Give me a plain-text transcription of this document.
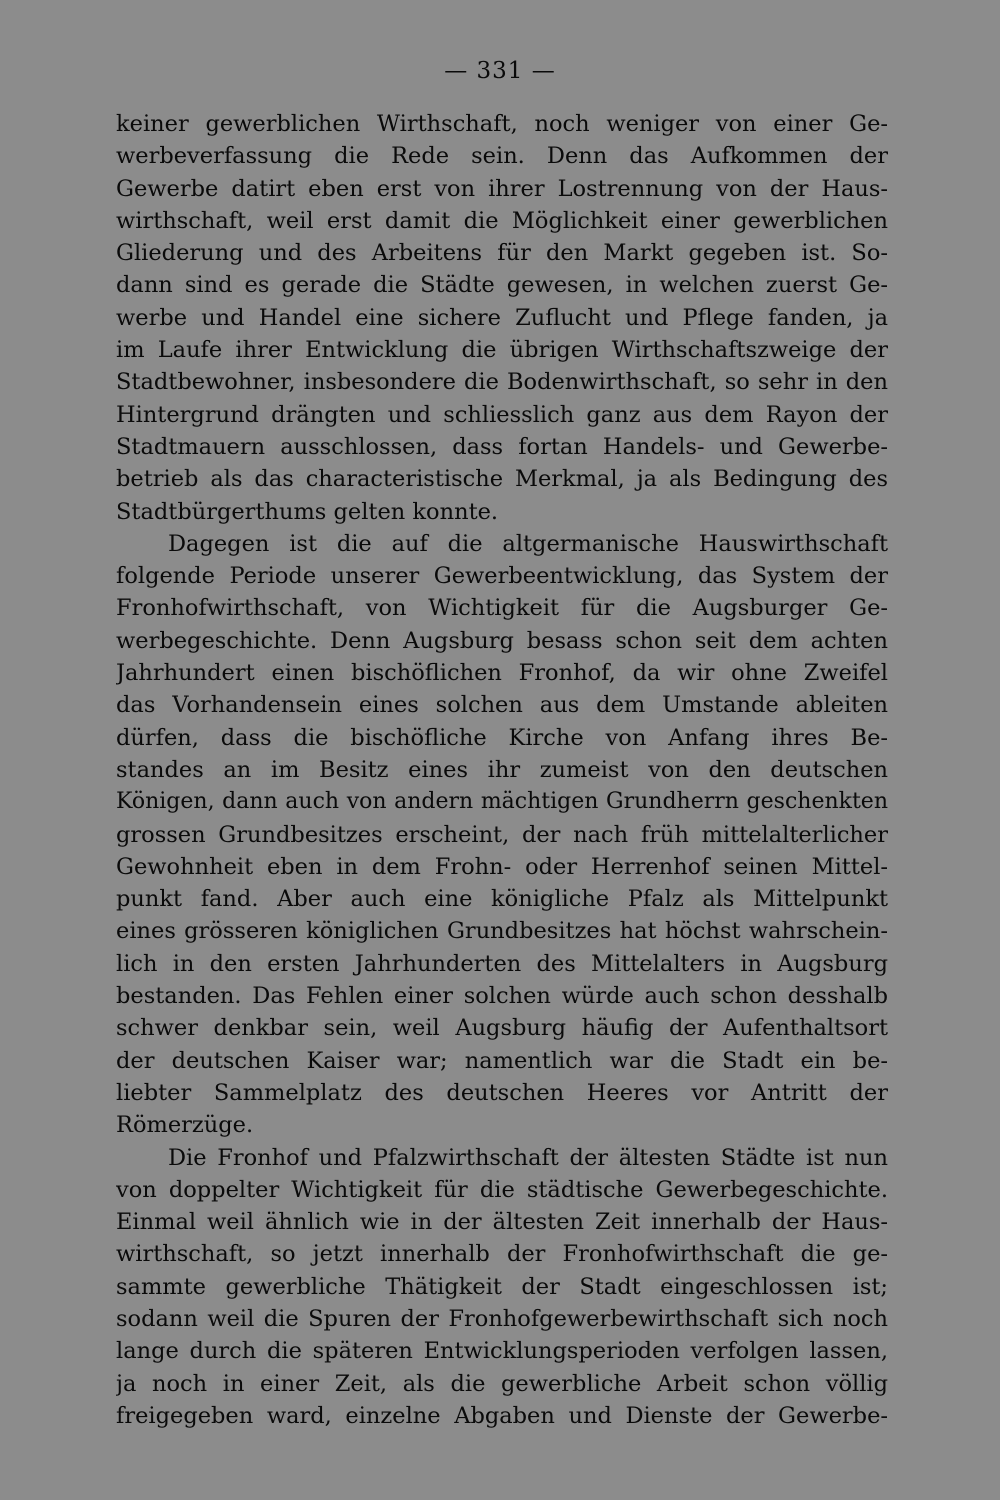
— 331 —
keiner gewerblichen Wirthschaft, noch weniger von einer Ge-
werbeverfassung die Rede sein. Denn das Aufkommen der
Gewerbe datirt eben erst von ihrer Lostrennung von der Haus-
wirthschaft, weil erst damit die Möglichkeit einer gewerblichen
Gliederung und des Arbeitens für den Markt gegeben ist. So-
dann sind es gerade die Städte gewesen, in welchen zuerst Ge-
werbe und Handel eine sichere Zuflucht und Pflege fanden, ja
im Laufe ihrer Entwicklung die übrigen Wirthschaftszweige der
Stadtbewohner, insbesondere die Bodenwirthschaft, so sehr in den
Hintergrund drängten und schliesslich ganz aus dem Rayon der
Stadtmauern ausschlossen, dass fortan Handels- und Gewerbe-
betrieb als das characteristische Merkmal, ja als Bedingung des
Stadtbürgerthums gelten konnte.
Dagegen ist die auf die altgermanische Hauswirthschaft
folgende Periode unserer Gewerbeentwicklung, das System der
Fronhofwirthschaft, von Wichtigkeit für die Augsburger Ge-
werbegeschichte. Denn Augsburg besass schon seit dem achten
Jahrhundert einen bischöflichen Fronhof, da wir ohne Zweifel
das Vorhandensein eines solchen aus dem Umstande ableiten
dürfen, dass die bischöfliche Kirche von Anfang ihres Be-
standes an im Besitz eines ihr zumeist von den deutschen
Königen, dann auch von andern mächtigen Grundherrn geschenkten
grossen Grundbesitzes erscheint, der nach früh mittelalterlicher
Gewohnheit eben in dem Frohn- oder Herrenhof seinen Mittel-
punkt fand. Aber auch eine königliche Pfalz als Mittelpunkt
eines grösseren königlichen Grundbesitzes hat höchst wahrschein-
lich in den ersten Jahrhunderten des Mittelalters in Augsburg
bestanden. Das Fehlen einer solchen würde auch schon desshalb
schwer denkbar sein, weil Augsburg häufig der Aufenthaltsort
der deutschen Kaiser war; namentlich war die Stadt ein be-
liebter Sammelplatz des deutschen Heeres vor Antritt der
Römerzüge.
Die Fronhof und Pfalzwirthschaft der ältesten Städte ist nun
von doppelter Wichtigkeit für die städtische Gewerbegeschichte.
Einmal weil ähnlich wie in der ältesten Zeit innerhalb der Haus-
wirthschaft, so jetzt innerhalb der Fronhofwirthschaft die ge-
sammte gewerbliche Thätigkeit der Stadt eingeschlossen ist;
sodann weil die Spuren der Fronhofgewerbewirthschaft sich noch
lange durch die späteren Entwicklungsperioden verfolgen lassen,
ja noch in einer Zeit, als die gewerbliche Arbeit schon völlig
freigegeben ward, einzelne Abgaben und Dienste der Gewerbe-
